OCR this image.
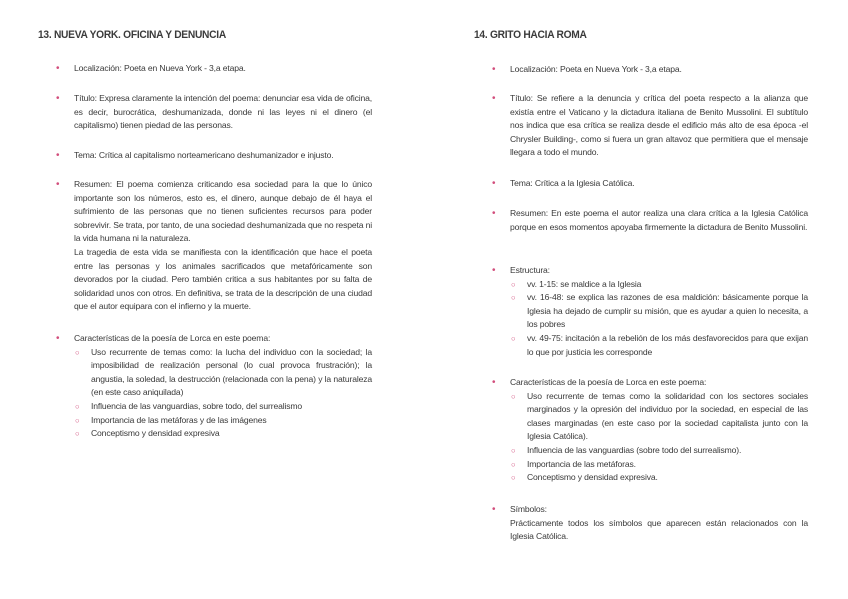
13. NUEVA YORK. OFICINA Y DENUNCIA
• Localización: Poeta en Nueva York - 3,a etapa.
• Título: Expresa claramente la intención del poema: denunciar esa vida de oficina, es decir, burocrática, deshumanizada, donde ni las leyes ni el dinero (el capitalismo) tienen piedad de las personas.
• Tema: Crítica al capitalismo norteamericano deshumanizador e injusto.
• Resumen: El poema comienza criticando esa sociedad para la que lo único importante son los números, esto es, el dinero, aunque debajo de él haya el sufrimiento de las personas que no tienen suficientes recursos para poder sobrevivir. Se trata, por tanto, de una sociedad deshumanizada que no respeta ni la vida humana ni la naturaleza.

La tragedia de esta vida se manifiesta con la identificación que hace el poeta entre las personas y los animales sacrificados que metafóricamente son devorados por la ciudad. Pero también critica a sus habitantes por su falta de solidaridad unos con otros. En definitiva, se trata de la descripción de una ciudad que el autor equipara con el infierno y la muerte.

• Características de la poesía de Lorca en este poema:

○ Uso recurrente de temas como: la lucha del individuo con la sociedad; la imposibilidad de realización personal (lo cual provoca frustración); la angustia, la soledad, la destrucción (relacionada con la pena) y la naturaleza (en este caso aniquilada)
○ Influencia de las vanguardias, sobre todo, del surrealismo
○ Importancia de las metáforas y de las imágenes
○ Conceptismo y densidad expresiva
14. GRITO HACIA ROMA
• Localización: Poeta en Nueva York - 3,a etapa.
• Título: Se refiere a la denuncia y crítica del poeta respecto a la alianza que existía entre el Vaticano y la dictadura italiana de Benito Mussolini. El subtítulo nos indica que esa crítica se realiza desde el edificio más alto de esa época -el Chrysler Building-, como si fuera un gran altavoz que permitiera que el mensaje llegara a todo el mundo.
• Tema: Crítica a la Iglesia Católica.
• Resumen: En este poema el autor realiza una clara crítica a la Iglesia Católica porque en esos momentos apoyaba firmemente la dictadura de Benito Mussolini.
• Estructura:

○ vv. 1-15: se maldice a la Iglesia
○ vv. 16-48: se explica las razones de esa maldición: básicamente porque la Iglesia ha dejado de cumplir su misión, que es ayudar a quien lo necesita, a los pobres
○ vv. 49-75: incitación a la rebelión de los más desfavorecidos para que exijan lo que por justicia les corresponde
• Características de la poesía de Lorca en este poema:

○ Uso recurrente de temas como la solidaridad con los sectores sociales marginados y la opresión del individuo por la sociedad, en especial de las clases marginadas (en este caso por la sociedad capitalista junto con la Iglesia Católica).
○ Influencia de las vanguardias (sobre todo del surrealismo).
○ Importancia de las metáforas.
○ Conceptismo y densidad expresiva.
• Símbolos:

Prácticamente todos los símbolos que aparecen están relacionados con la Iglesia Católica.
